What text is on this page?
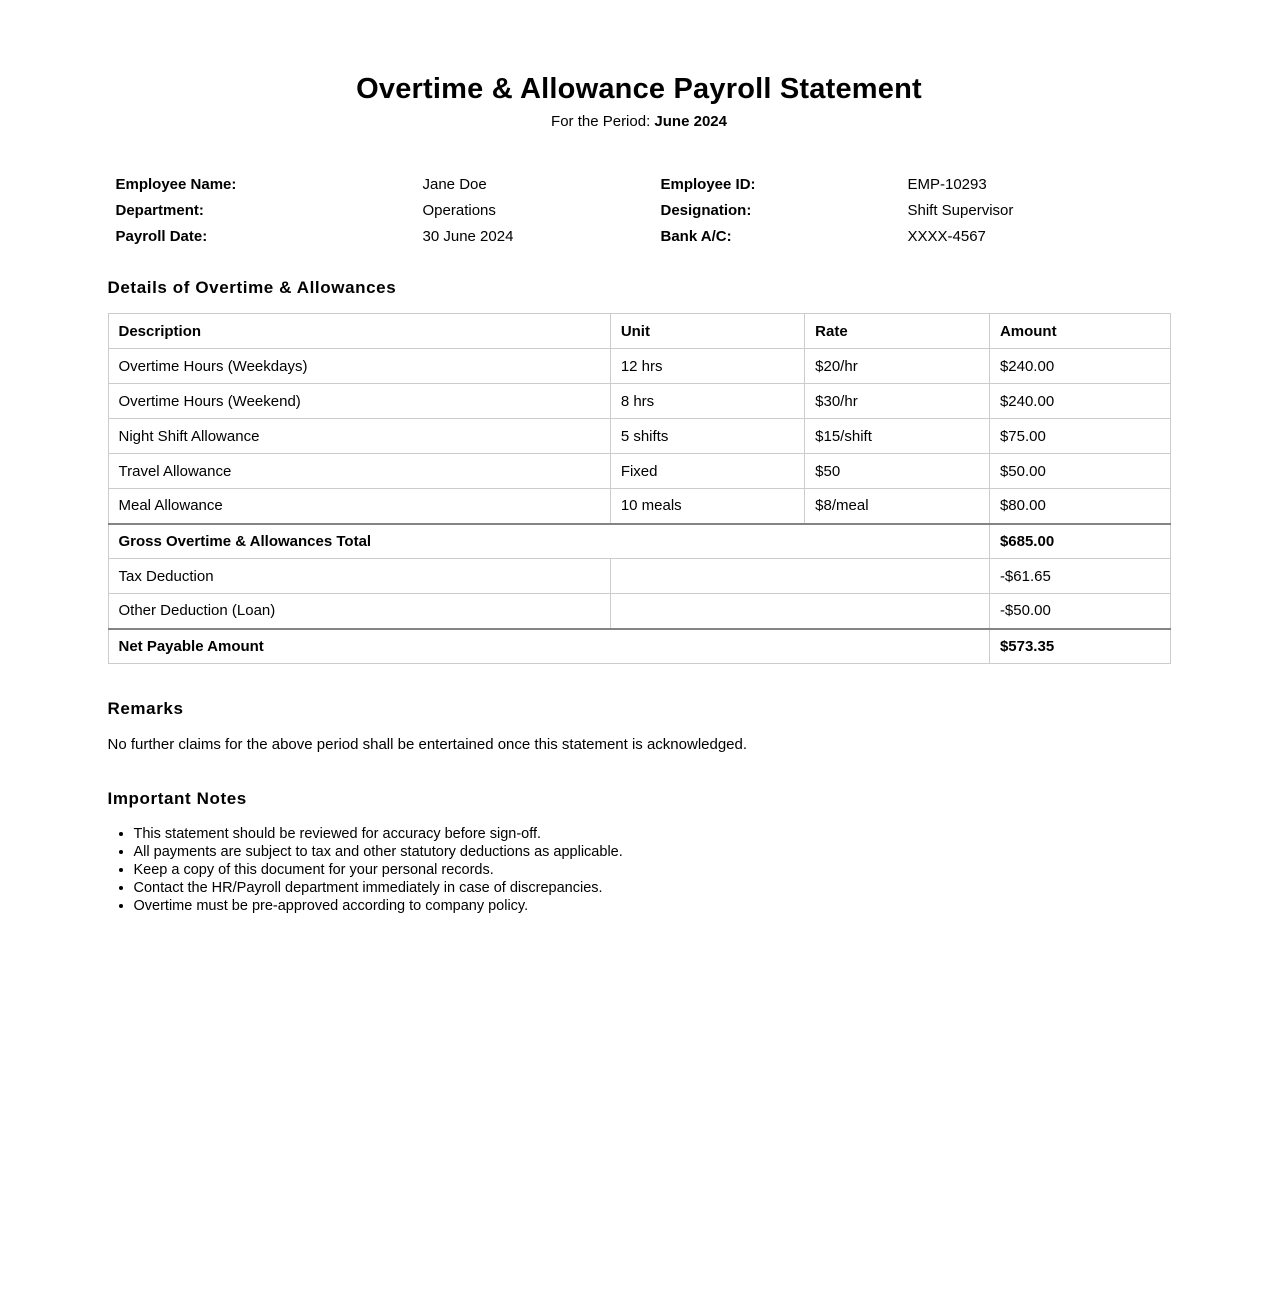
Overtime & Allowance Payroll Statement
For the Period: June 2024
Employee Name:	Jane Doe	Employee ID:	EMP-10293
Department:	Operations	Designation:	Shift Supervisor
Payroll Date:	30 June 2024	Bank A/C:	XXXX-4567
Details of Overtime & Allowances
Description	Unit	Rate	Amount
Overtime Hours (Weekdays)	12 hrs	$20/hr	$240.00
Overtime Hours (Weekend)	8 hrs	$30/hr	$240.00
Night Shift Allowance	5 shifts	$15/shift	$75.00
Travel Allowance	Fixed	$50	$50.00
Meal Allowance	10 meals	$8/meal	$80.00
Gross Overtime & Allowances Total			$685.00
Tax Deduction			-$61.65
Other Deduction (Loan)			-$50.00
Net Payable Amount			$573.35
Remarks

No further claims for the above period shall be entertained once this statement is acknowledged.

Important Notes
• This statement should be reviewed for accuracy before sign-off.
• All payments are subject to tax and other statutory deductions as applicable.
• Keep a copy of this document for your personal records.
• Contact the HR/Payroll department immediately in case of discrepancies.
• Overtime must be pre-approved according to company policy.
